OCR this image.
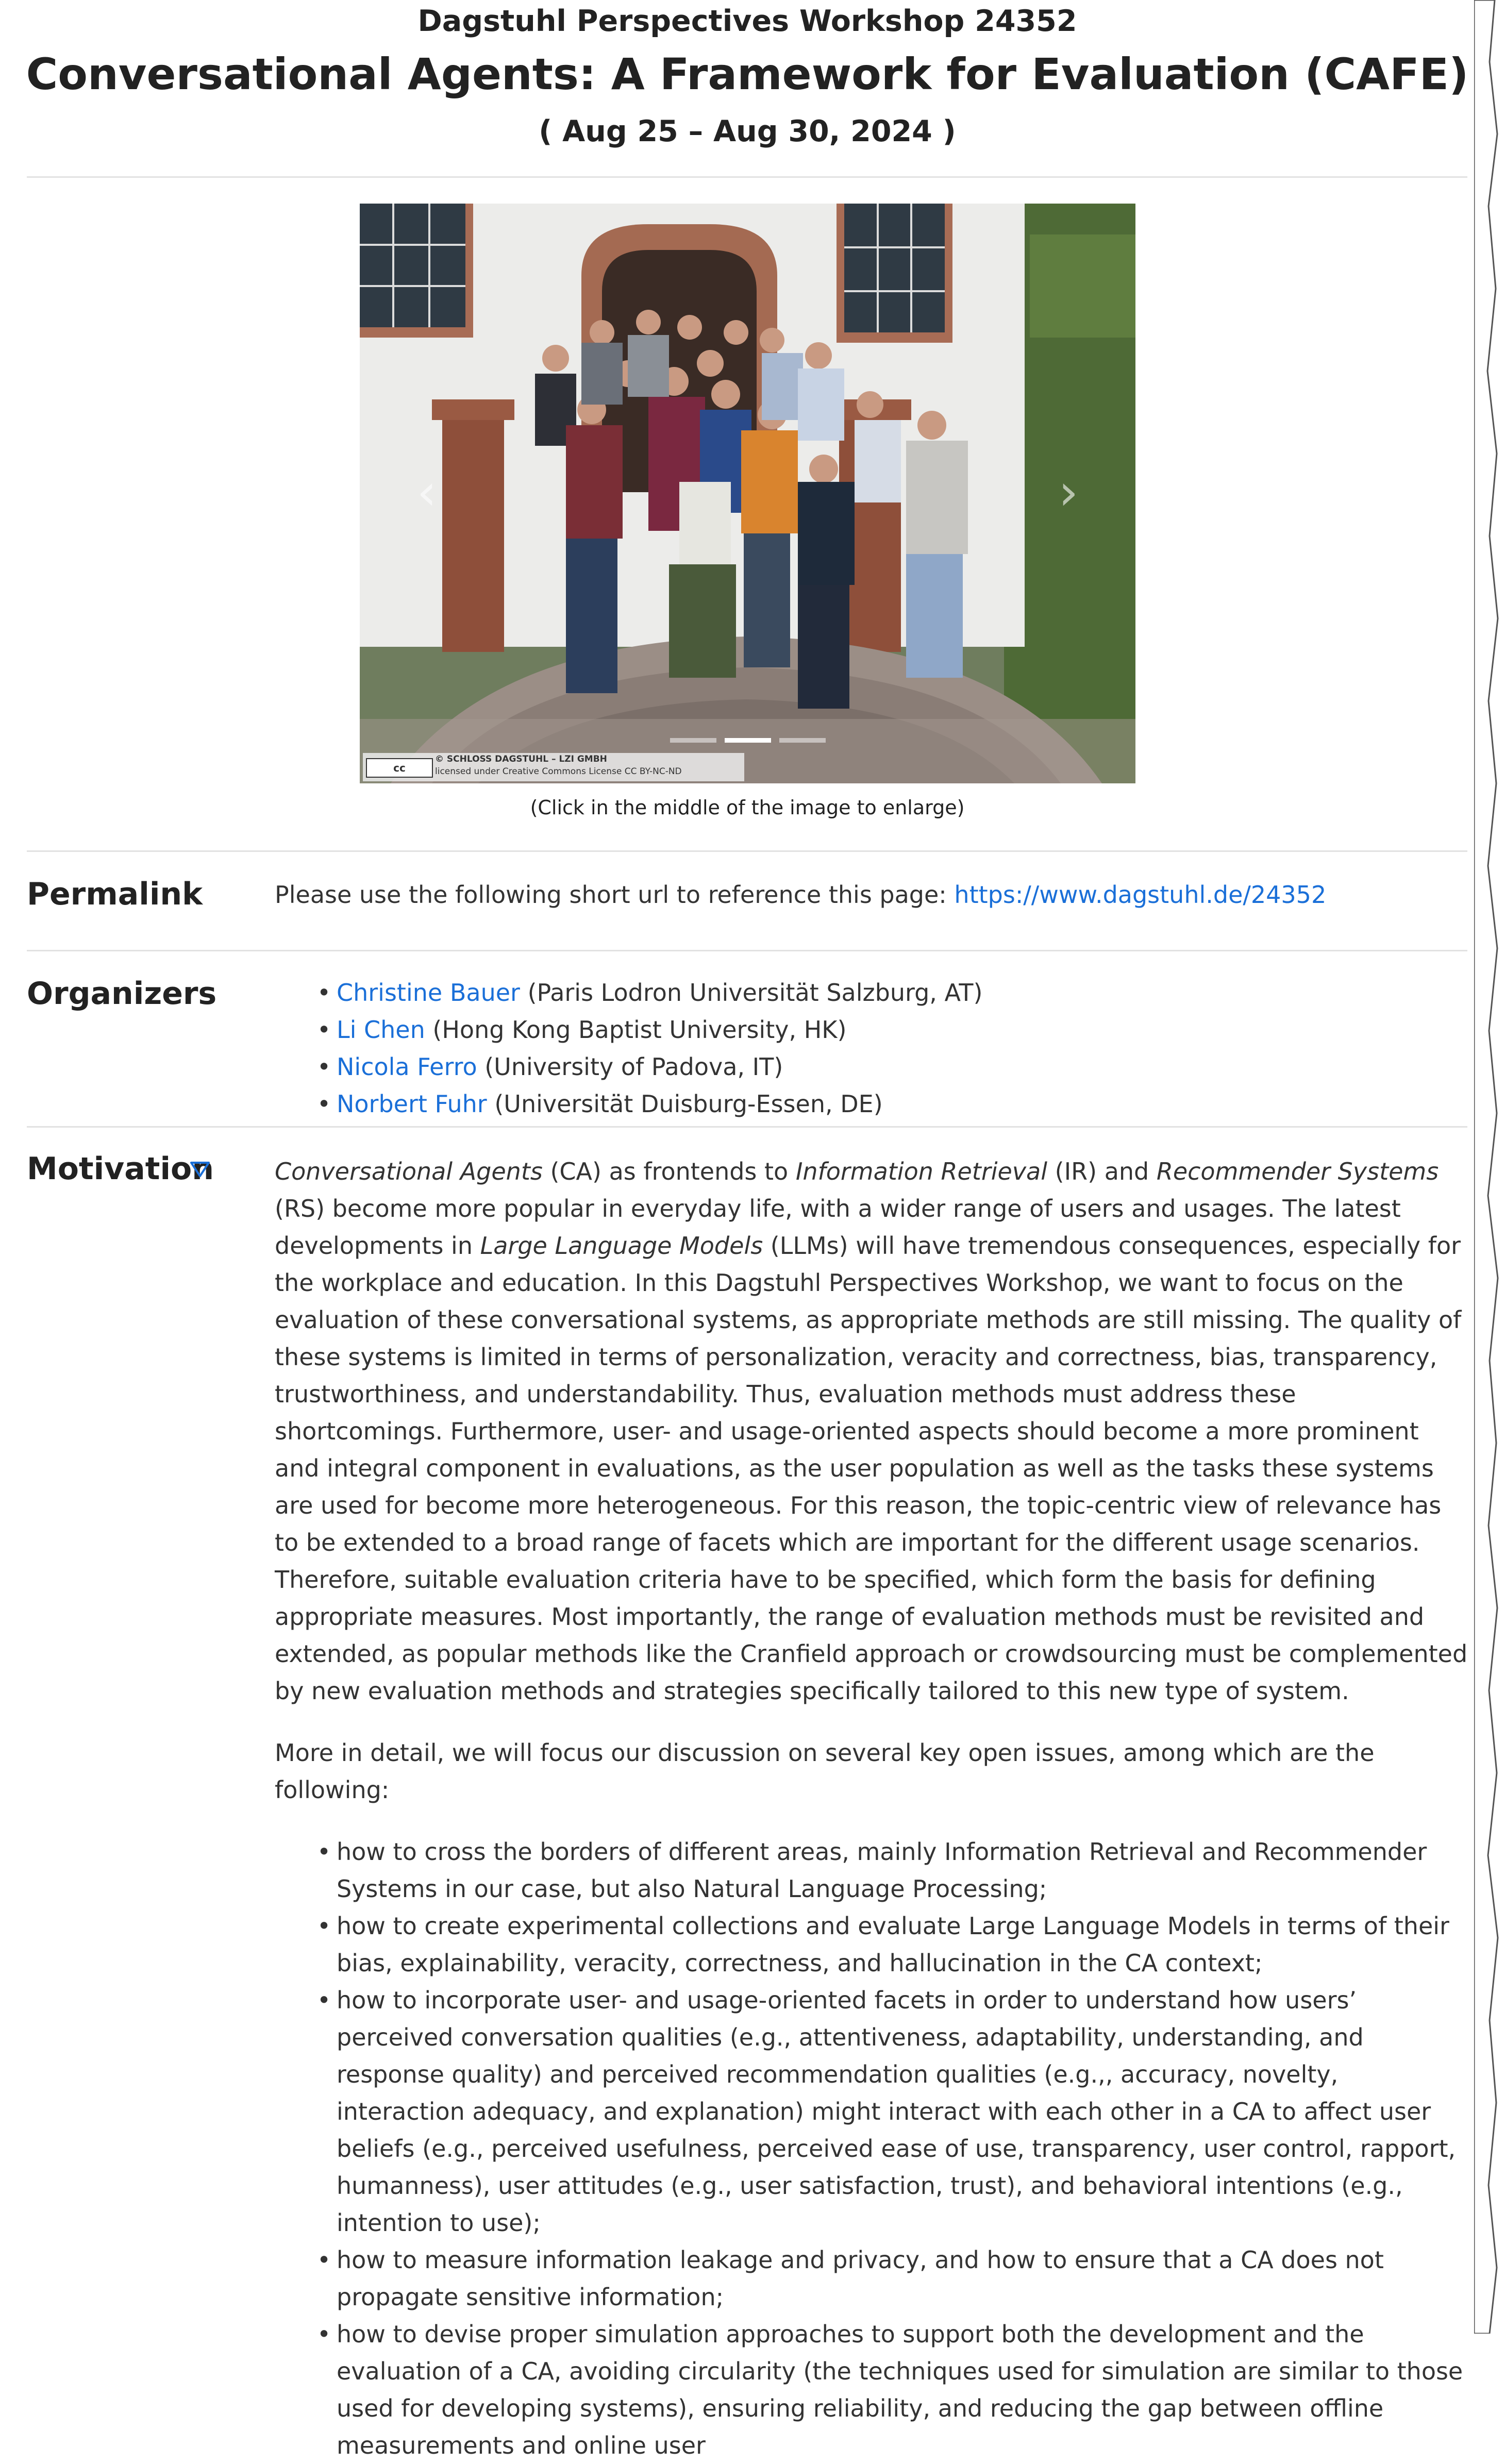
Dagstuhl Perspectives Workshop 24352
Conversational Agents: A Framework for Evaluation (CAFE)
( Aug 25 – Aug 30, 2024 )
‹	›
cc
© SCHLOSS DAGSTUHL – LZI GMBH
licensed under Creative Commons License CC BY-NC-ND
(Click in the middle of the image to enlarge)
Permalink	Please use the following short url to reference this page: https://www.dagstuhl.de/24352
Organizers
•	Christine Bauer (Paris Lodron Universität Salzburg, AT)
• Li Chen (Hong Kong Baptist University, HK)
• Nicola Ferro (University of Padova, IT)
• Norbert Fuhr (Universität Duisburg-Essen, DE)
Motivation	Conversational Agents (CA) as frontends to Information Retrieval (IR) and Recommender Systems (RS) become more popular in everyday life, with a wider range of users and usages. The latest developments in Large Language Models (LLMs) will have tremendous consequences, especially for the workplace and education. In this Dagstuhl Perspectives Workshop, we want to focus on the evaluation of these conversational systems, as appropriate methods are still missing. The quality of these systems is limited in terms of personalization, veracity and correctness, bias, transparency, trustworthiness, and understandability. Thus, evaluation methods must address these shortcomings. Furthermore, user- and usage-oriented aspects should become a more prominent and integral component in evaluations, as the user population as well as the tasks these systems are used for become more heterogeneous. For this reason, the topic-centric view of relevance has to be extended to a broad range of facets which are important for the different usage scenarios. Therefore, suitable evaluation criteria have to be specified, which form the basis for defining appropriate measures. Most importantly, the range of evaluation methods must be revisited and extended, as popular methods like the Cranfield approach or crowdsourcing must be complemented by new evaluation methods and strategies specifically tailored to this new type of system.

More in detail, we will focus our discussion on several key open issues, among which are the following:

• how to cross the borders of different areas, mainly Information Retrieval and Recommender Systems in our case, but also Natural Language Processing;
• how to create experimental collections and evaluate Large Language Models in terms of their bias, explainability, veracity, correctness, and hallucination in the CA context;
• how to incorporate user- and usage-oriented facets in order to understand how users’ perceived conversation qualities (e.g., attentiveness, adaptability, understanding, and response quality) and perceived recommendation qualities (e.g.,, accuracy, novelty, interaction adequacy, and explanation) might interact with each other in a CA to affect user beliefs (e.g., perceived usefulness, perceived ease of use, transparency, user control, rapport, humanness), user attitudes (e.g., user satisfaction, trust), and behavioral intentions (e.g., intention to use);
• how to measure information leakage and privacy, and how to ensure that a CA does not propagate sensitive information;
• how to devise proper simulation approaches to support both the development and the evaluation of a CA, avoiding circularity (the techniques used for simulation are similar to those used for developing systems), ensuring reliability, and reducing the gap between offline measurements and online user
